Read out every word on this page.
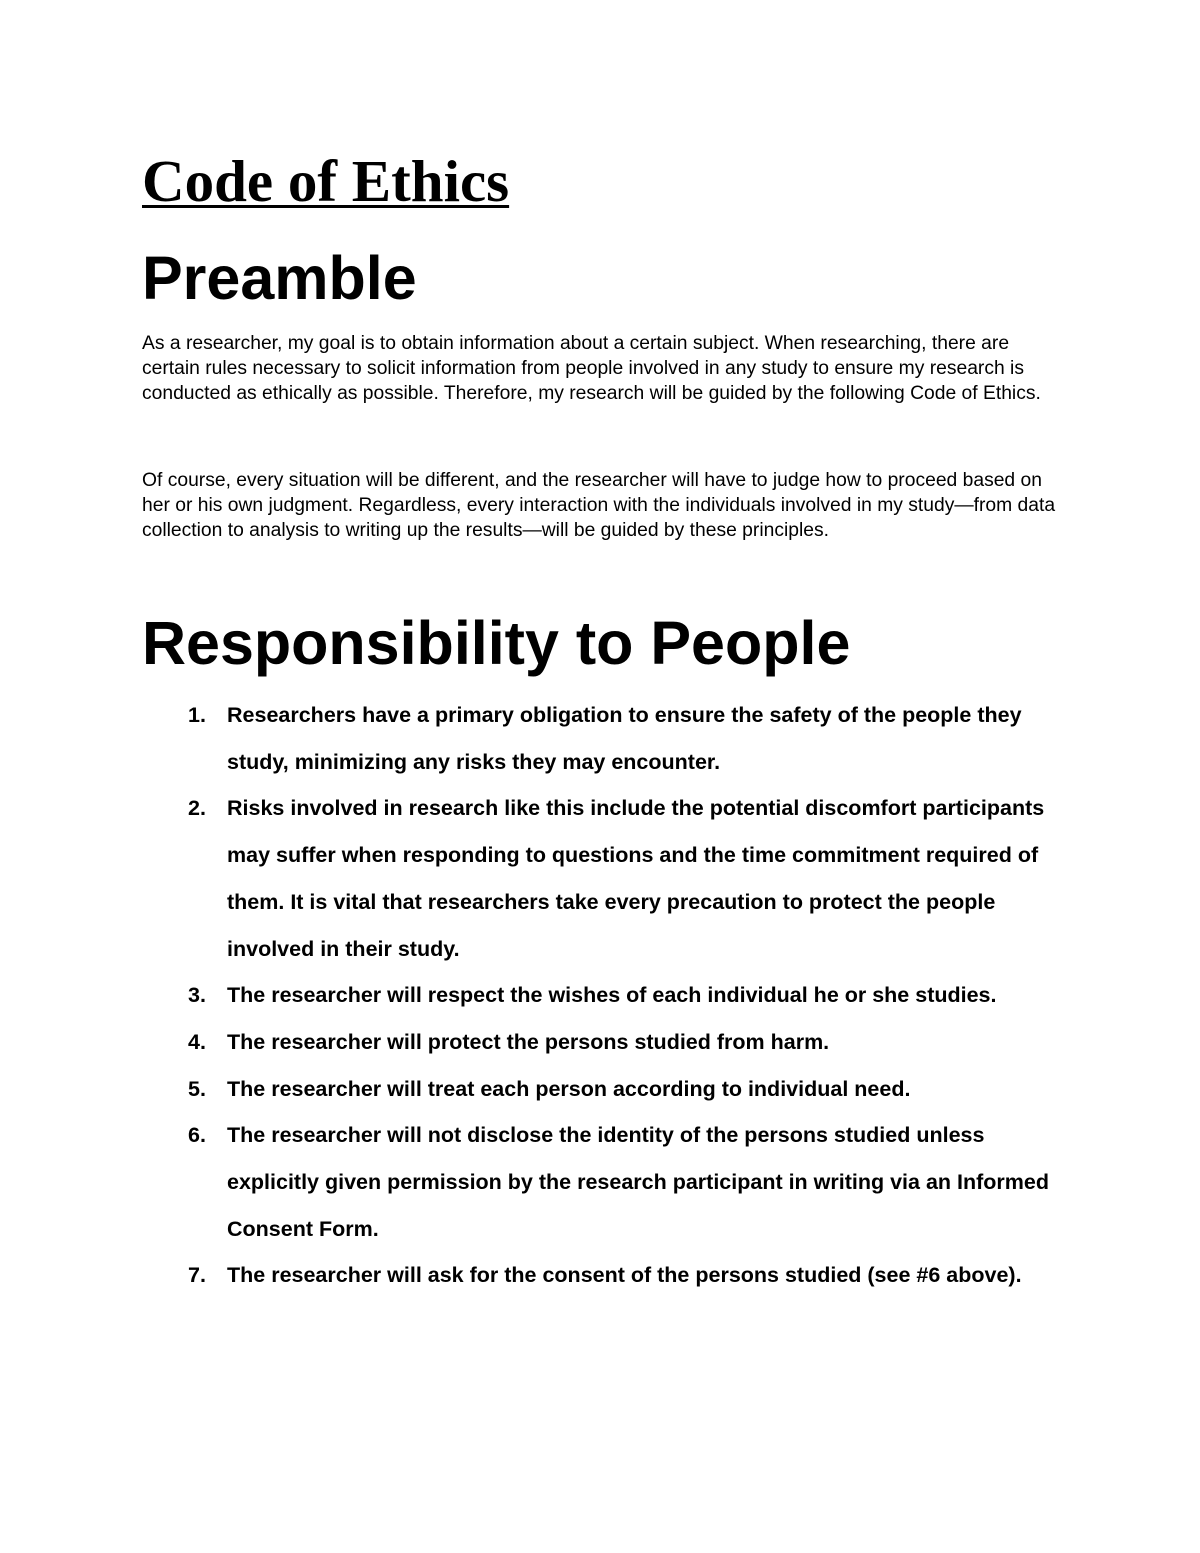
Code of Ethics
Preamble

As a researcher, my goal is to obtain information about a certain subject. When researching, there are certain rules necessary to solicit information from people involved in any study to ensure my research is conducted as ethically as possible. Therefore, my research will be guided by the following Code of Ethics.

Of course, every situation will be different, and the researcher will have to judge how to proceed based on her or his own judgment. Regardless, every interaction with the individuals involved in my study—from data collection to analysis to writing up the results—will be guided by these principles.

Responsibility to People
1. Researchers have a primary obligation to ensure the safety of the people they study, minimizing any risks they may encounter.
2. Risks involved in research like this include the potential discomfort participants may suffer when responding to questions and the time commitment required of them. It is vital that researchers take every precaution to protect the people involved in their study.
3. The researcher will respect the wishes of each individual he or she studies.
4. The researcher will protect the persons studied from harm.
5. The researcher will treat each person according to individual need.
6. The researcher will not disclose the identity of the persons studied unless explicitly given permission by the research participant in writing via an Informed Consent Form.
7. The researcher will ask for the consent of the persons studied (see #6 above).
